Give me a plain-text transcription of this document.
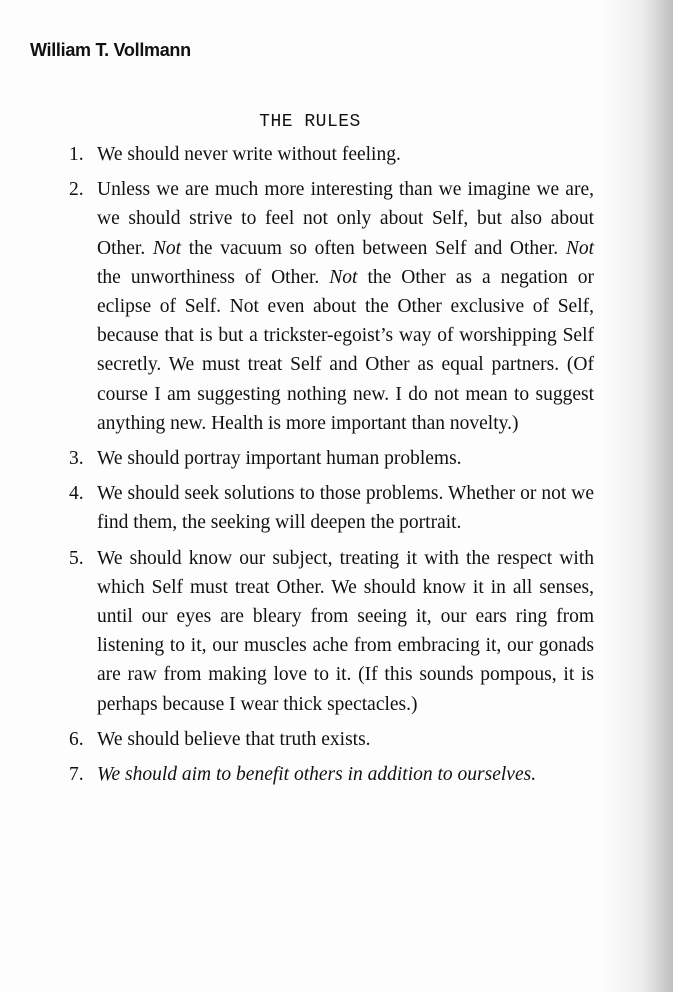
William T. Vollmann
THE RULES
1. We should never write without feeling.
2. Unless we are much more interesting than we imagine we are, we should strive to feel not only about Self, but also about Other. Not the vacuum so often between Self and Other. Not the unworthiness of Other. Not the Other as a negation or eclipse of Self. Not even about the Other exclusive of Self, because that is but a trickster-egoist’s way of worshipping Self secretly. We must treat Self and Other as equal partners. (Of course I am suggesting nothing new. I do not mean to suggest anything new. Health is more important than novelty.)
3. We should portray important human problems.
4. We should seek solutions to those problems. Whether or not we find them, the seeking will deepen the portrait.
5. We should know our subject, treating it with the respect with which Self must treat Other. We should know it in all senses, until our eyes are bleary from seeing it, our ears ring from listening to it, our muscles ache from embracing it, our gonads are raw from making love to it. (If this sounds pompous, it is perhaps because I wear thick spectacles.)
6. We should believe that truth exists.
7. We should aim to benefit others in addition to ourselves.
